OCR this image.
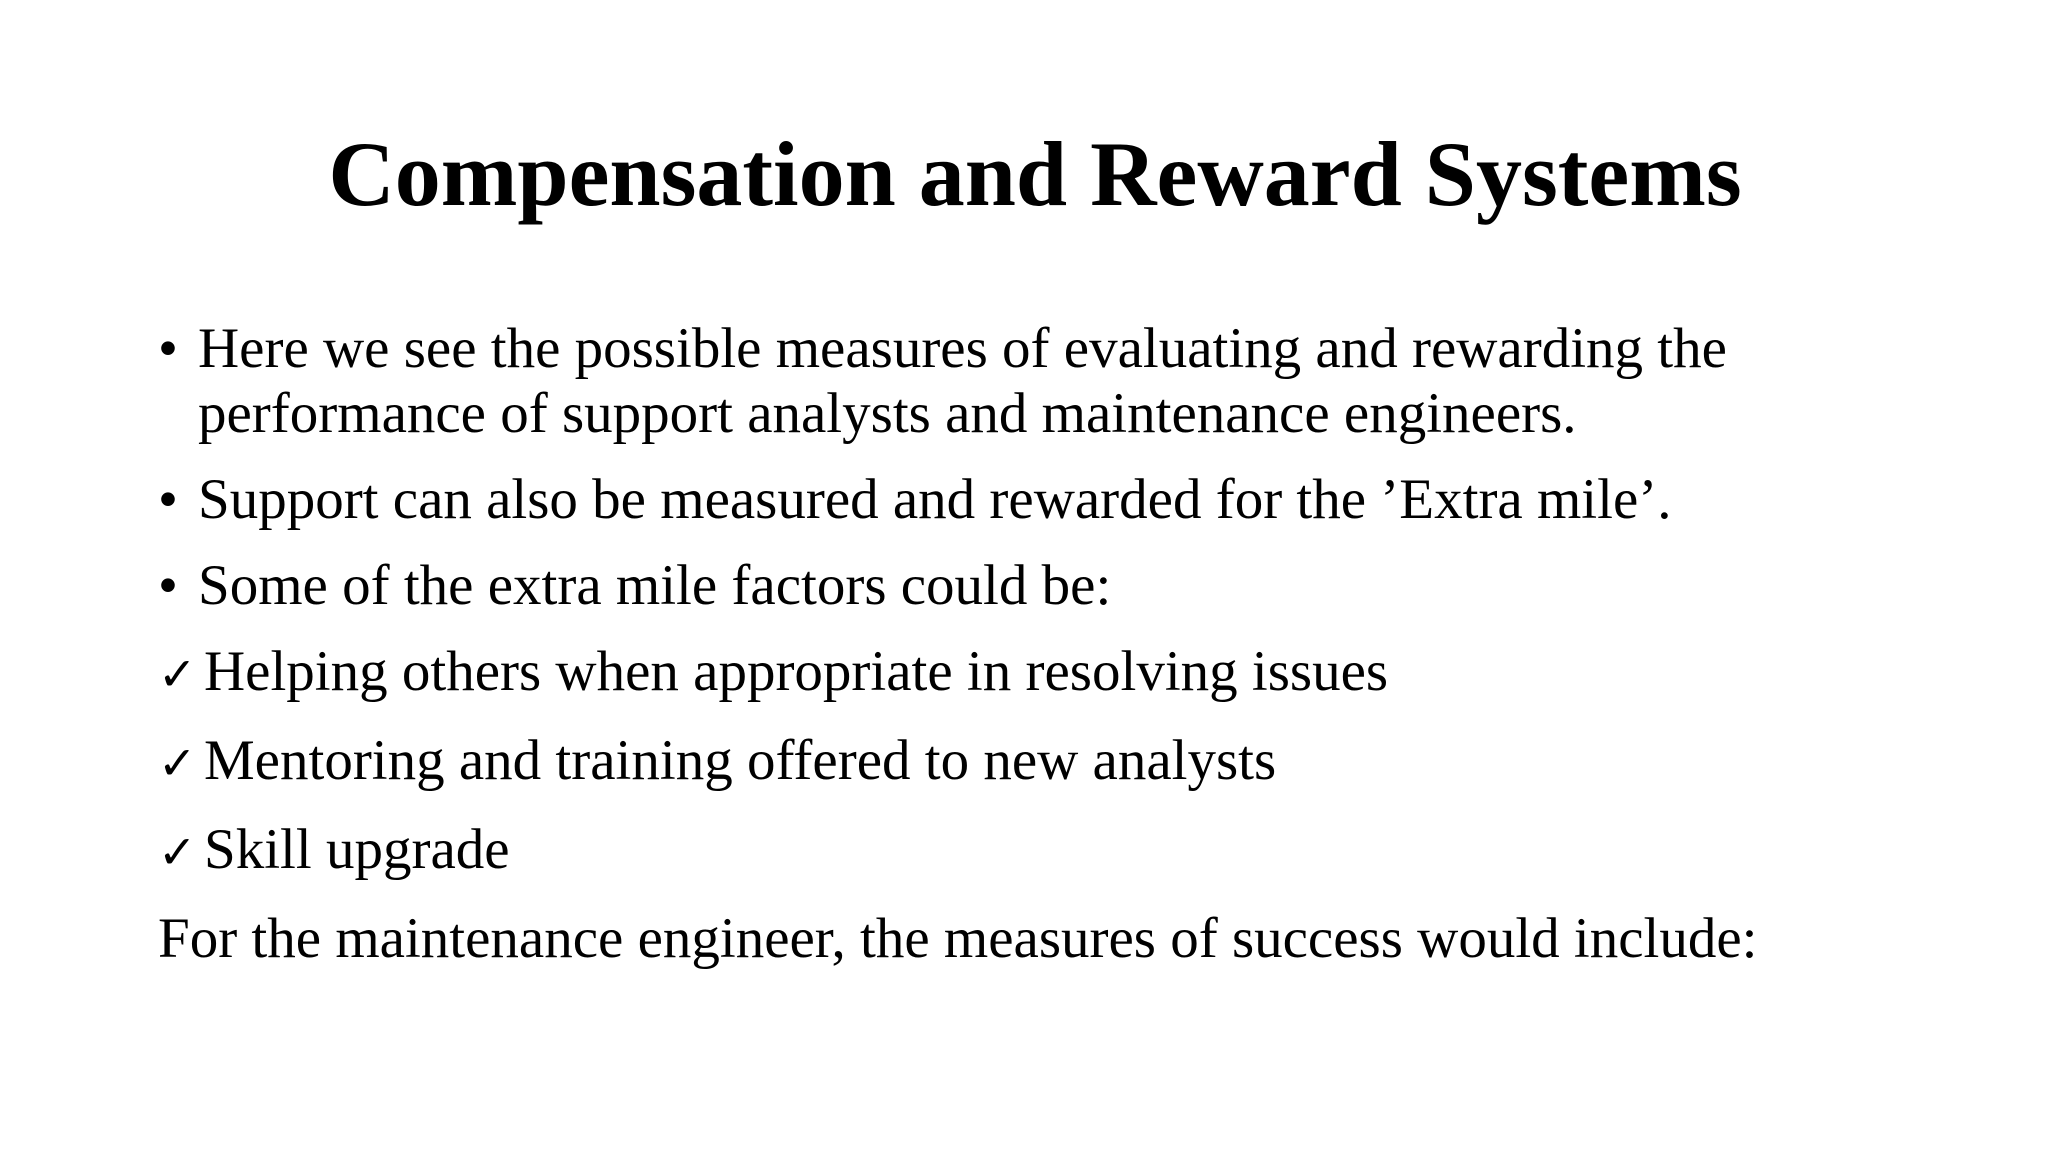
Compensation and Reward Systems
• Here we see the possible measures of evaluating and rewarding the performance of support analysts and maintenance engineers.
• Support can also be measured and rewarded for the ’Extra mile’.
• Some of the extra mile factors could be:
✓ Helping others when appropriate in resolving issues
✓ Mentoring and training offered to new analysts
✓ Skill upgrade
For the maintenance engineer, the measures of success would include:
